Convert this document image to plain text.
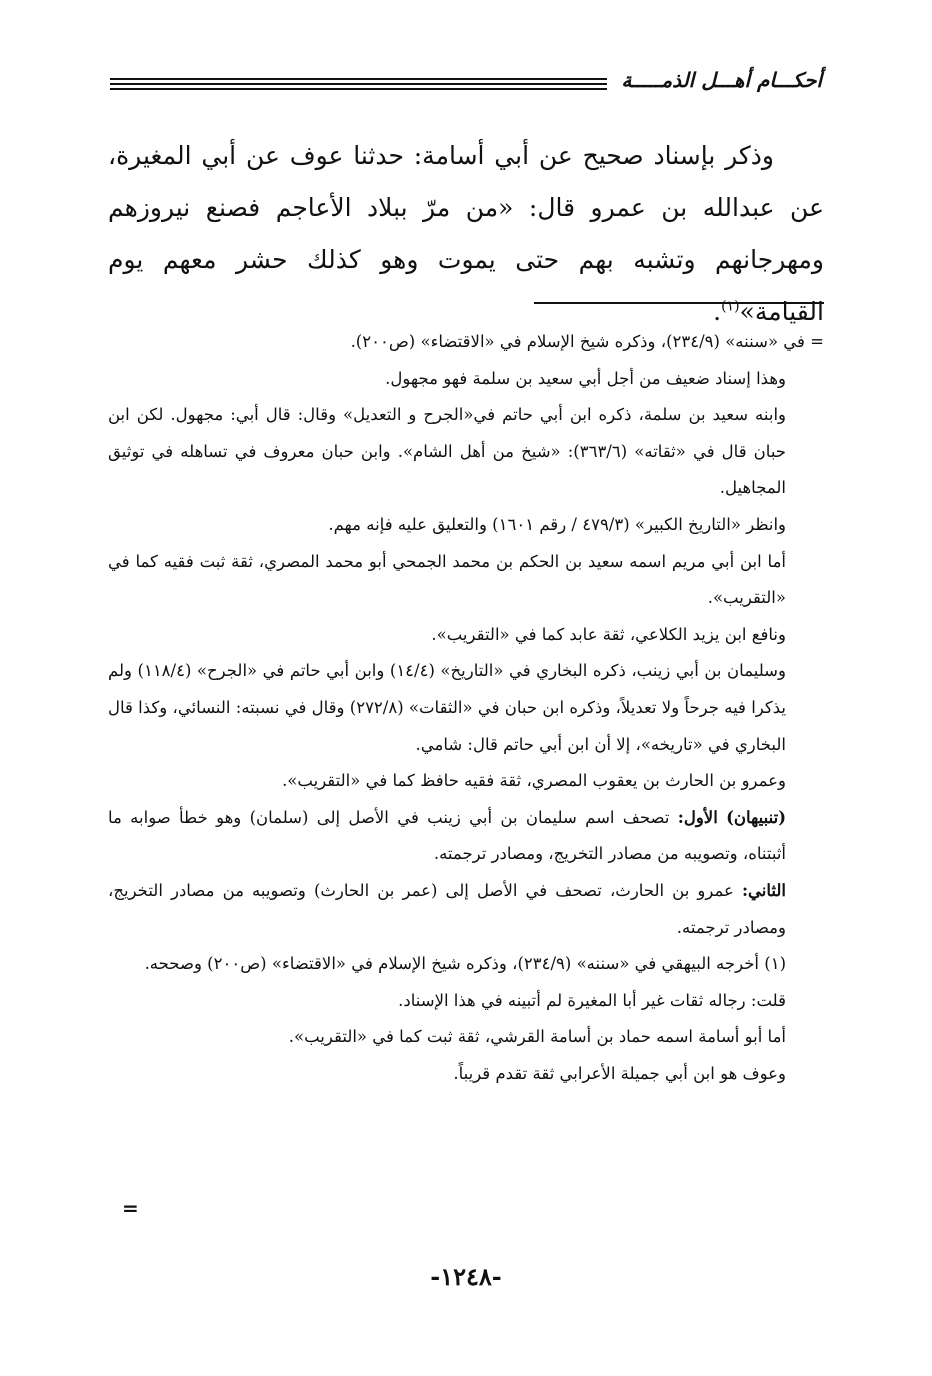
أحكـــام أهـــل الذمـــــة

وذكر بإسناد صحيح عن أبي أسامة: حدثنا عوف عن أبي المغيرة، عن عبدالله بن عمرو قال: «من مرّ ببلاد الأعاجم فصنع نيروزهم ومهرجانهم وتشبه بهم حتى يموت وهو كذلك حشر معهم يوم القيامة»$^{(١)}$.

= في «سننه» (٢٣٤/٩)، وذكره شيخ الإسلام في «الاقتضاء» (ص٢٠٠).

وهذا إسناد ضعيف من أجل أبي سعيد بن سلمة فهو مجهول.

وابنه سعيد بن سلمة، ذكره ابن أبي حاتم في«الجرح و التعديل» وقال: قال أبي: مجهول. لكن ابن حبان قال في «ثقاته» (٣٦٣/٦): «شيخ من أهل الشام». وابن حبان معروف في تساهله في توثيق المجاهيل.

وانظر «التاريخ الكبير» (٤٧٩/٣ / رقم ١٦٠١) والتعليق عليه فإنه مهم.

أما ابن أبي مريم اسمه سعيد بن الحكم بن محمد الجمحي أبو محمد المصري، ثقة ثبت فقيه كما في «التقريب».

ونافع ابن يزيد الكلاعي، ثقة عابد كما في «التقريب».

وسليمان بن أبي زينب، ذكره البخاري في «التاريخ» (١٤/٤) وابن أبي حاتم في «الجرح» (١١٨/٤) ولم يذكرا فيه جرحاً ولا تعديلاً، وذكره ابن حبان في «الثقات» (٢٧٢/٨) وقال في نسبته: النسائي، وكذا قال البخاري في «تاريخه»، إلا أن ابن أبي حاتم قال: شامي.

وعمرو بن الحارث بن يعقوب المصري، ثقة فقيه حافظ كما في «التقريب».

(تنبيهان) الأول: تصحف اسم سليمان بن أبي زينب في الأصل إلى (سلمان) وهو خطأ صوابه ما أثبتناه، وتصويبه من مصادر التخريج، ومصادر ترجمته.

الثاني: عمرو بن الحارث، تصحف في الأصل إلى (عمر بن الحارث) وتصويبه من مصادر التخريج، ومصادر ترجمته.

(١) أخرجه البيهقي في «سننه» (٢٣٤/٩)، وذكره شيخ الإسلام في «الاقتضاء» (ص٢٠٠) وصححه.

قلت: رجاله ثقات غير أبا المغيرة لم أتبينه في هذا الإسناد.

أما أبو أسامة اسمه حماد بن أسامة القرشي، ثقة ثبت كما في «التقريب».

وعوف هو ابن أبي جميلة الأعرابي ثقة تقدم قريباً.

=
-١٢٤٨-
